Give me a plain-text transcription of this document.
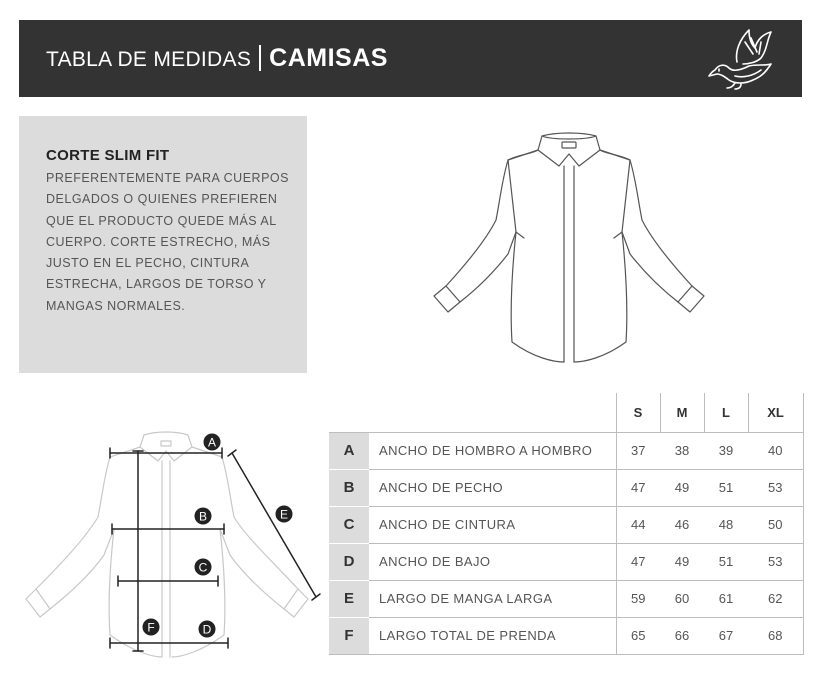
TABLA DE MEDIDAS CAMISAS
CORTE SLIM FIT
PREFERENTEMENTE PARA CUERPOS DELGADOS O QUIENES PREFIEREN QUE EL PRODUCTO QUEDE MÁS AL CUERPO. CORTE ESTRECHO, MÁS JUSTO EN EL PECHO, CINTURA ESTRECHA, LARGOS DE TORSO Y MANGAS NORMALES.
A
B
C
D
E
F
		S	M	L	XL
A	ANCHO DE HOMBRO A HOMBRO	37	38	39	40
B	ANCHO DE PECHO	47	49	51	53
C	ANCHO DE CINTURA	44	46	48	50
D	ANCHO DE BAJO	47	49	51	53
E	LARGO DE MANGA LARGA	59	60	61	62
F	LARGO TOTAL DE PRENDA	65	66	67	68
